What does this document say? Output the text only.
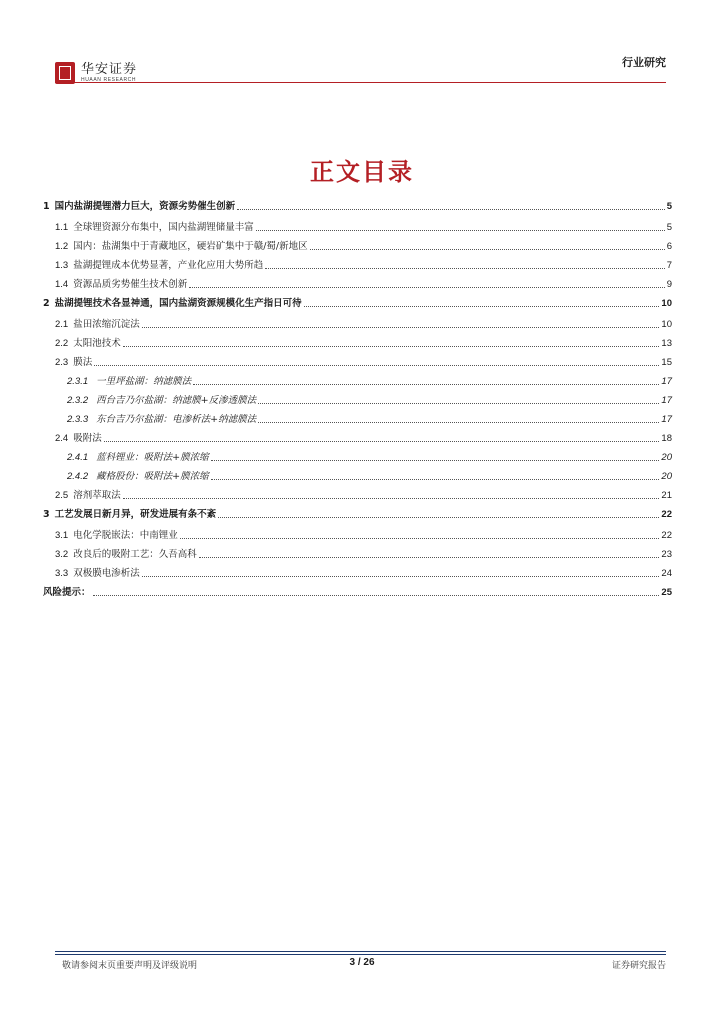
华安证券
HUAAN RESEARCH
行业研究
正文目录
1 国内盐湖提锂潜力巨大，资源劣势催生创新	5
1.1 全球锂资源分布集中，国内盐湖锂储量丰富	5
1.2 国内：盐湖集中于青藏地区，硬岩矿集中于赣/蜀/新地区	6
1.3 盐湖提锂成本优势显著，产业化应用大势所趋	7
1.4 资源品质劣势催生技术创新	9
2 盐湖提锂技术各显神通，国内盐湖资源规模化生产指日可待	10
2.1 盐田浓缩沉淀法	10
2.2 太阳池技术	13
2.3 膜法	15
2.3.1 一里坪盐湖：纳滤膜法	17
2.3.2 西台吉乃尔盐湖：纳滤膜+反渗透膜法	17
2.3.3 东台吉乃尔盐湖：电渗析法+纳滤膜法	17
2.4 吸附法	18
2.4.1 蓝科锂业：吸附法+膜浓缩	20
2.4.2 藏格股份：吸附法+膜浓缩	20
2.5 溶剂萃取法	21
3 工艺发展日新月异，研发进展有条不紊	22
3.1 电化学脱嵌法：中南锂业	22
3.2 改良后的吸附工艺：久吾高科	23
3.3 双极膜电渗析法	24
风险提示：	25
敬请参阅末页重要声明及评级说明	3 / 26	证券研究报告
